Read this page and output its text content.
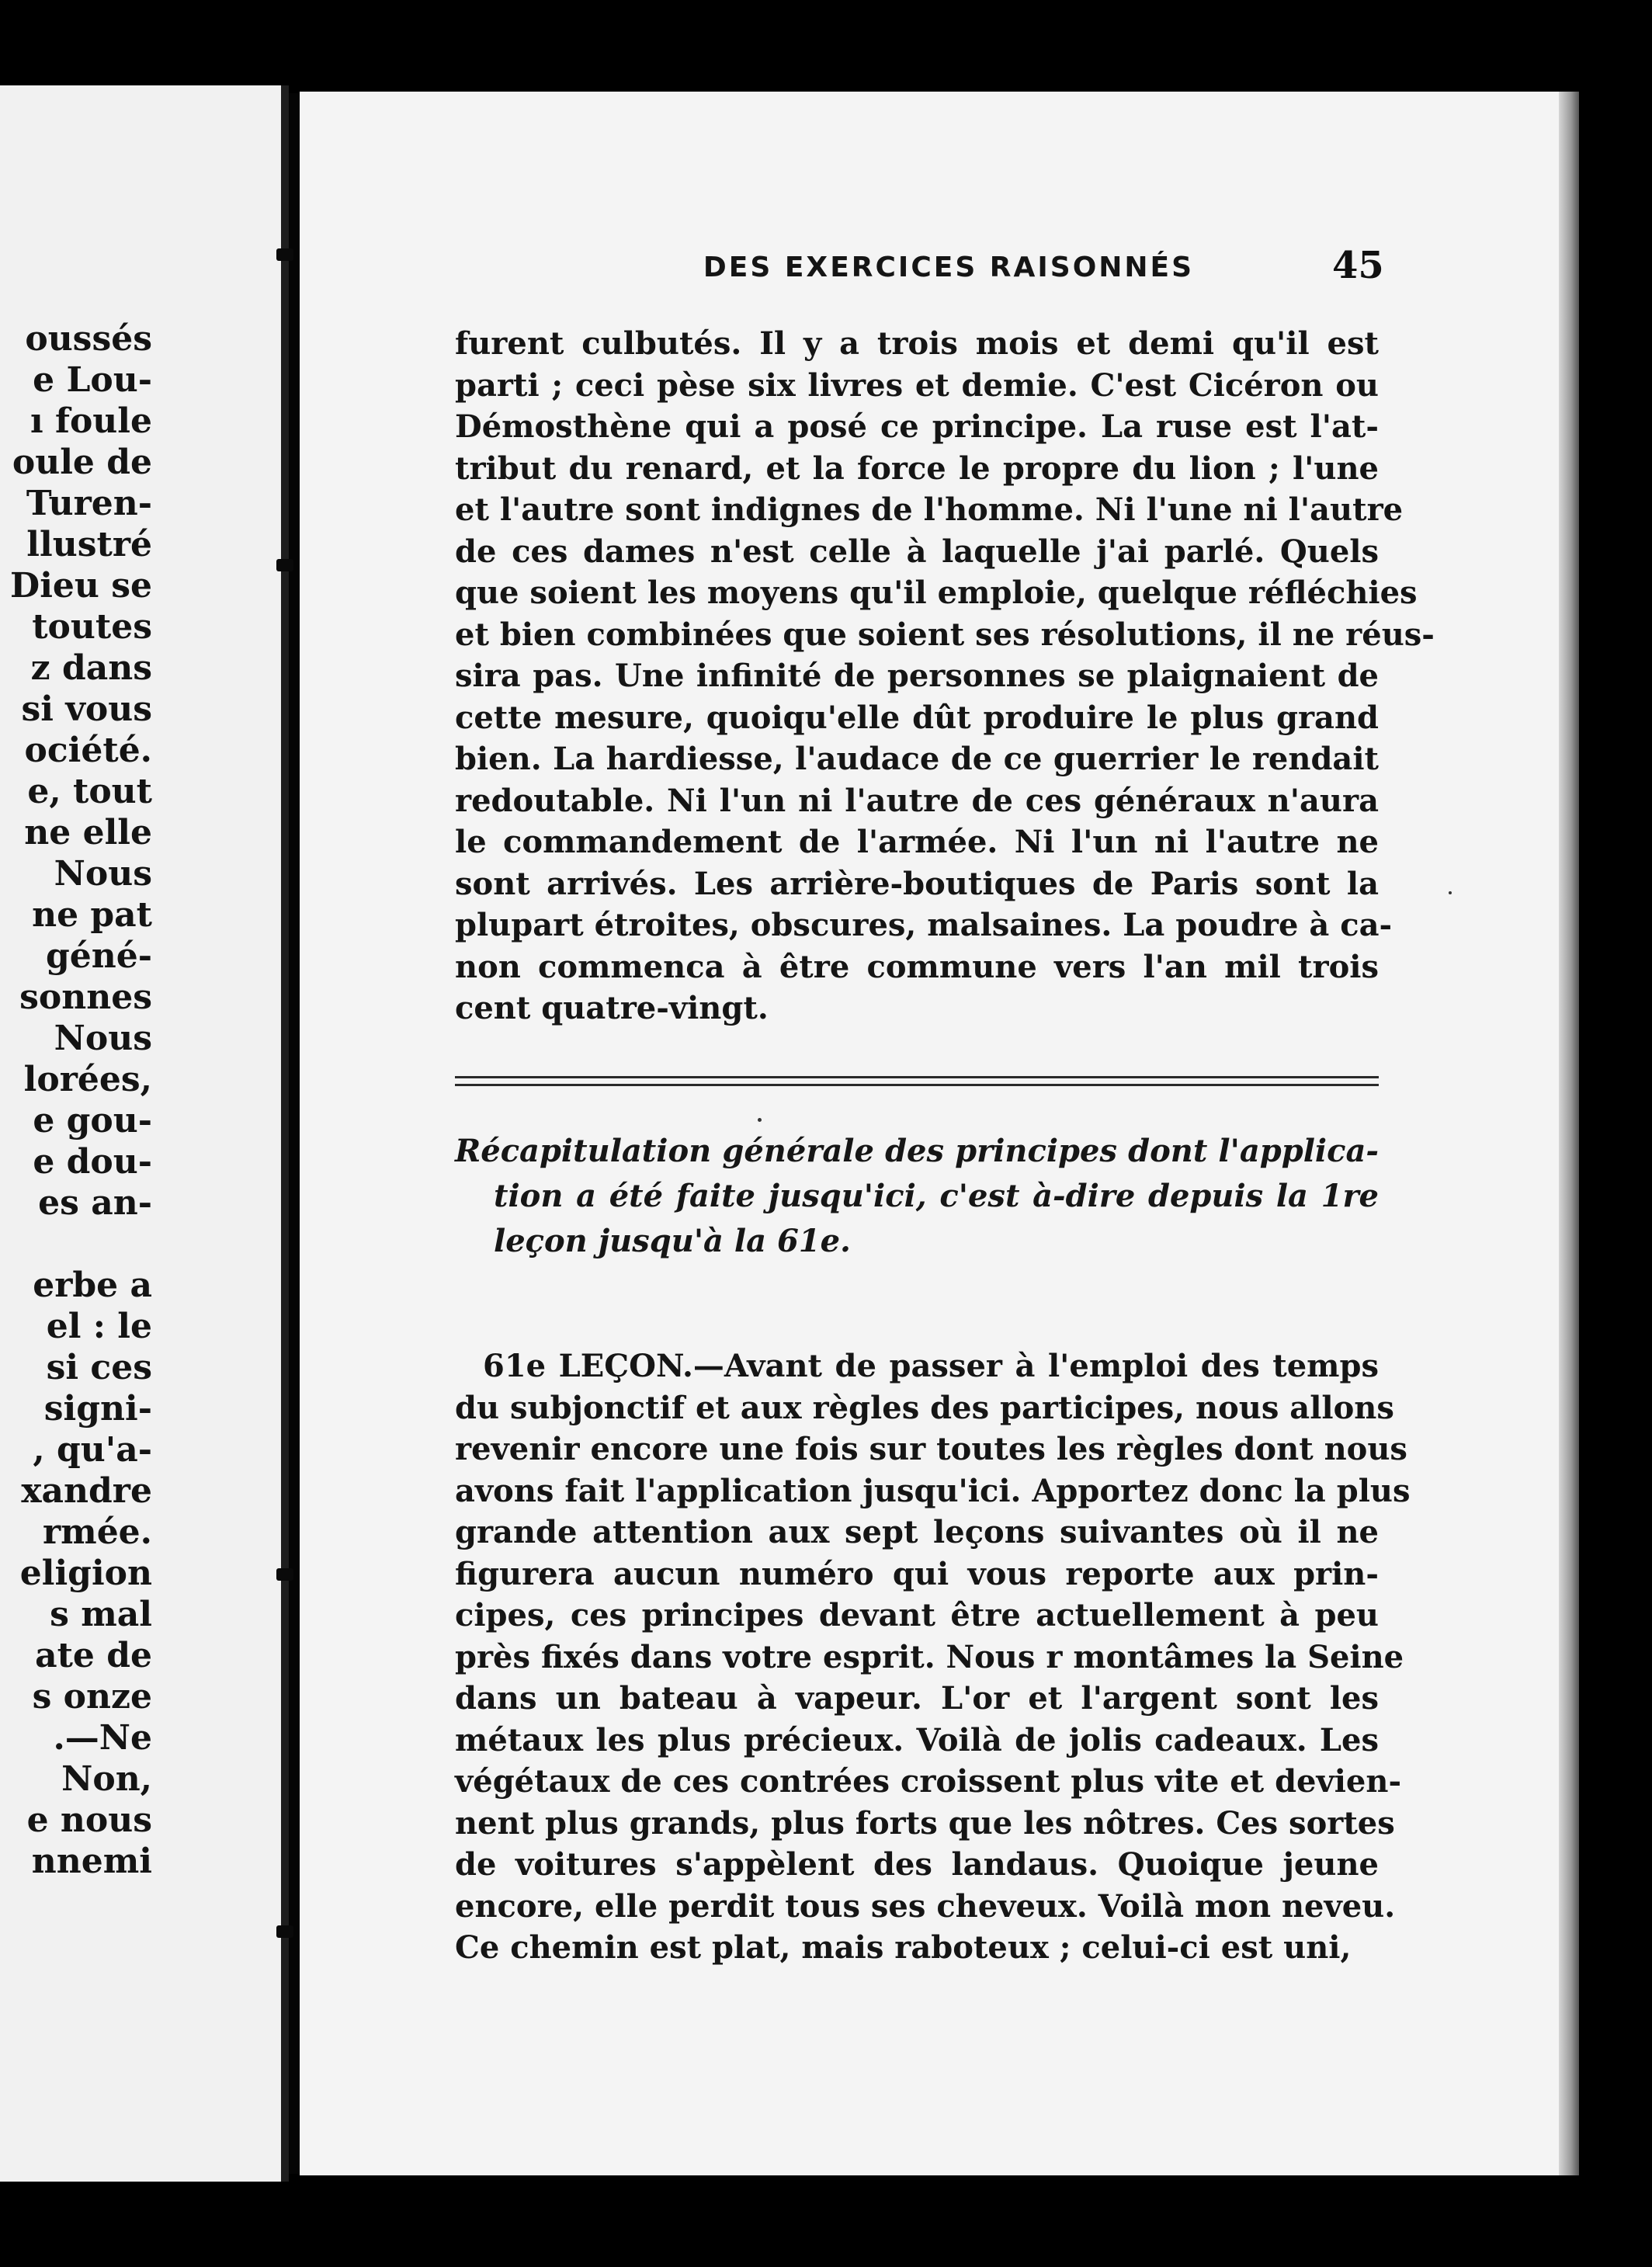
oussés
e Lou-
ı foule
oule de
Turen-
llustré
Dieu se
toutes
z dans
si vous
ociété.
e, tout
ne elle
Nous
ne pat
géné-
sonnes
Nous
lorées,
e gou-
e dou-
es an-
erbe a
el : le
si ces
signi-
, qu'a-
xandre
rmée.
eligion
s mal
ate de
s onze
.—Ne
Non,
e nous
nnemi
DES EXERCICES RAISONNÉS	45
furent culbutés. Il y a trois mois et demi qu'il est
parti ; ceci pèse six livres et demie. C'est Cicéron ou
Démosthène qui a posé ce principe. La ruse est l'at-
tribut du renard, et la force le propre du lion ; l'une
et l'autre sont indignes de l'homme. Ni l'une ni l'autre
de ces dames n'est celle à laquelle j'ai parlé. Quels
que soient les moyens qu'il emploie, quelque réfléchies
et bien combinées que soient ses résolutions, il ne réus-
sira pas. Une infinité de personnes se plaignaient de
cette mesure, quoiqu'elle dût produire le plus grand
bien. La hardiesse, l'audace de ce guerrier le rendait
redoutable. Ni l'un ni l'autre de ces généraux n'aura
le commandement de l'armée. Ni l'un ni l'autre ne
sont arrivés. Les arrière-boutiques de Paris sont la
plupart étroites, obscures, malsaines. La poudre à ca-
non commenca à être commune vers l'an mil trois
cent quatre-vingt.
Récapitulation générale des principes dont l'applica-
tion a été faite jusqu'ici, c'est à-dire depuis la 1re
leçon jusqu'à la 61e.
61e LEÇON.—Avant de passer à l'emploi des temps
du subjonctif et aux règles des participes, nous allons
revenir encore une fois sur toutes les règles dont nous
avons fait l'application jusqu'ici. Apportez donc la plus
grande attention aux sept leçons suivantes où il ne
figurera aucun numéro qui vous reporte aux prin-
cipes, ces principes devant être actuellement à peu
près fixés dans votre esprit. Nous r montâmes la Seine
dans un bateau à vapeur. L'or et l'argent sont les
métaux les plus précieux. Voilà de jolis cadeaux. Les
végétaux de ces contrées croissent plus vite et devien-
nent plus grands, plus forts que les nôtres. Ces sortes
de voitures s'appèlent des landaus. Quoique jeune
encore, elle perdit tous ses cheveux. Voilà mon neveu.
Ce chemin est plat, mais raboteux ; celui-ci est uni,
